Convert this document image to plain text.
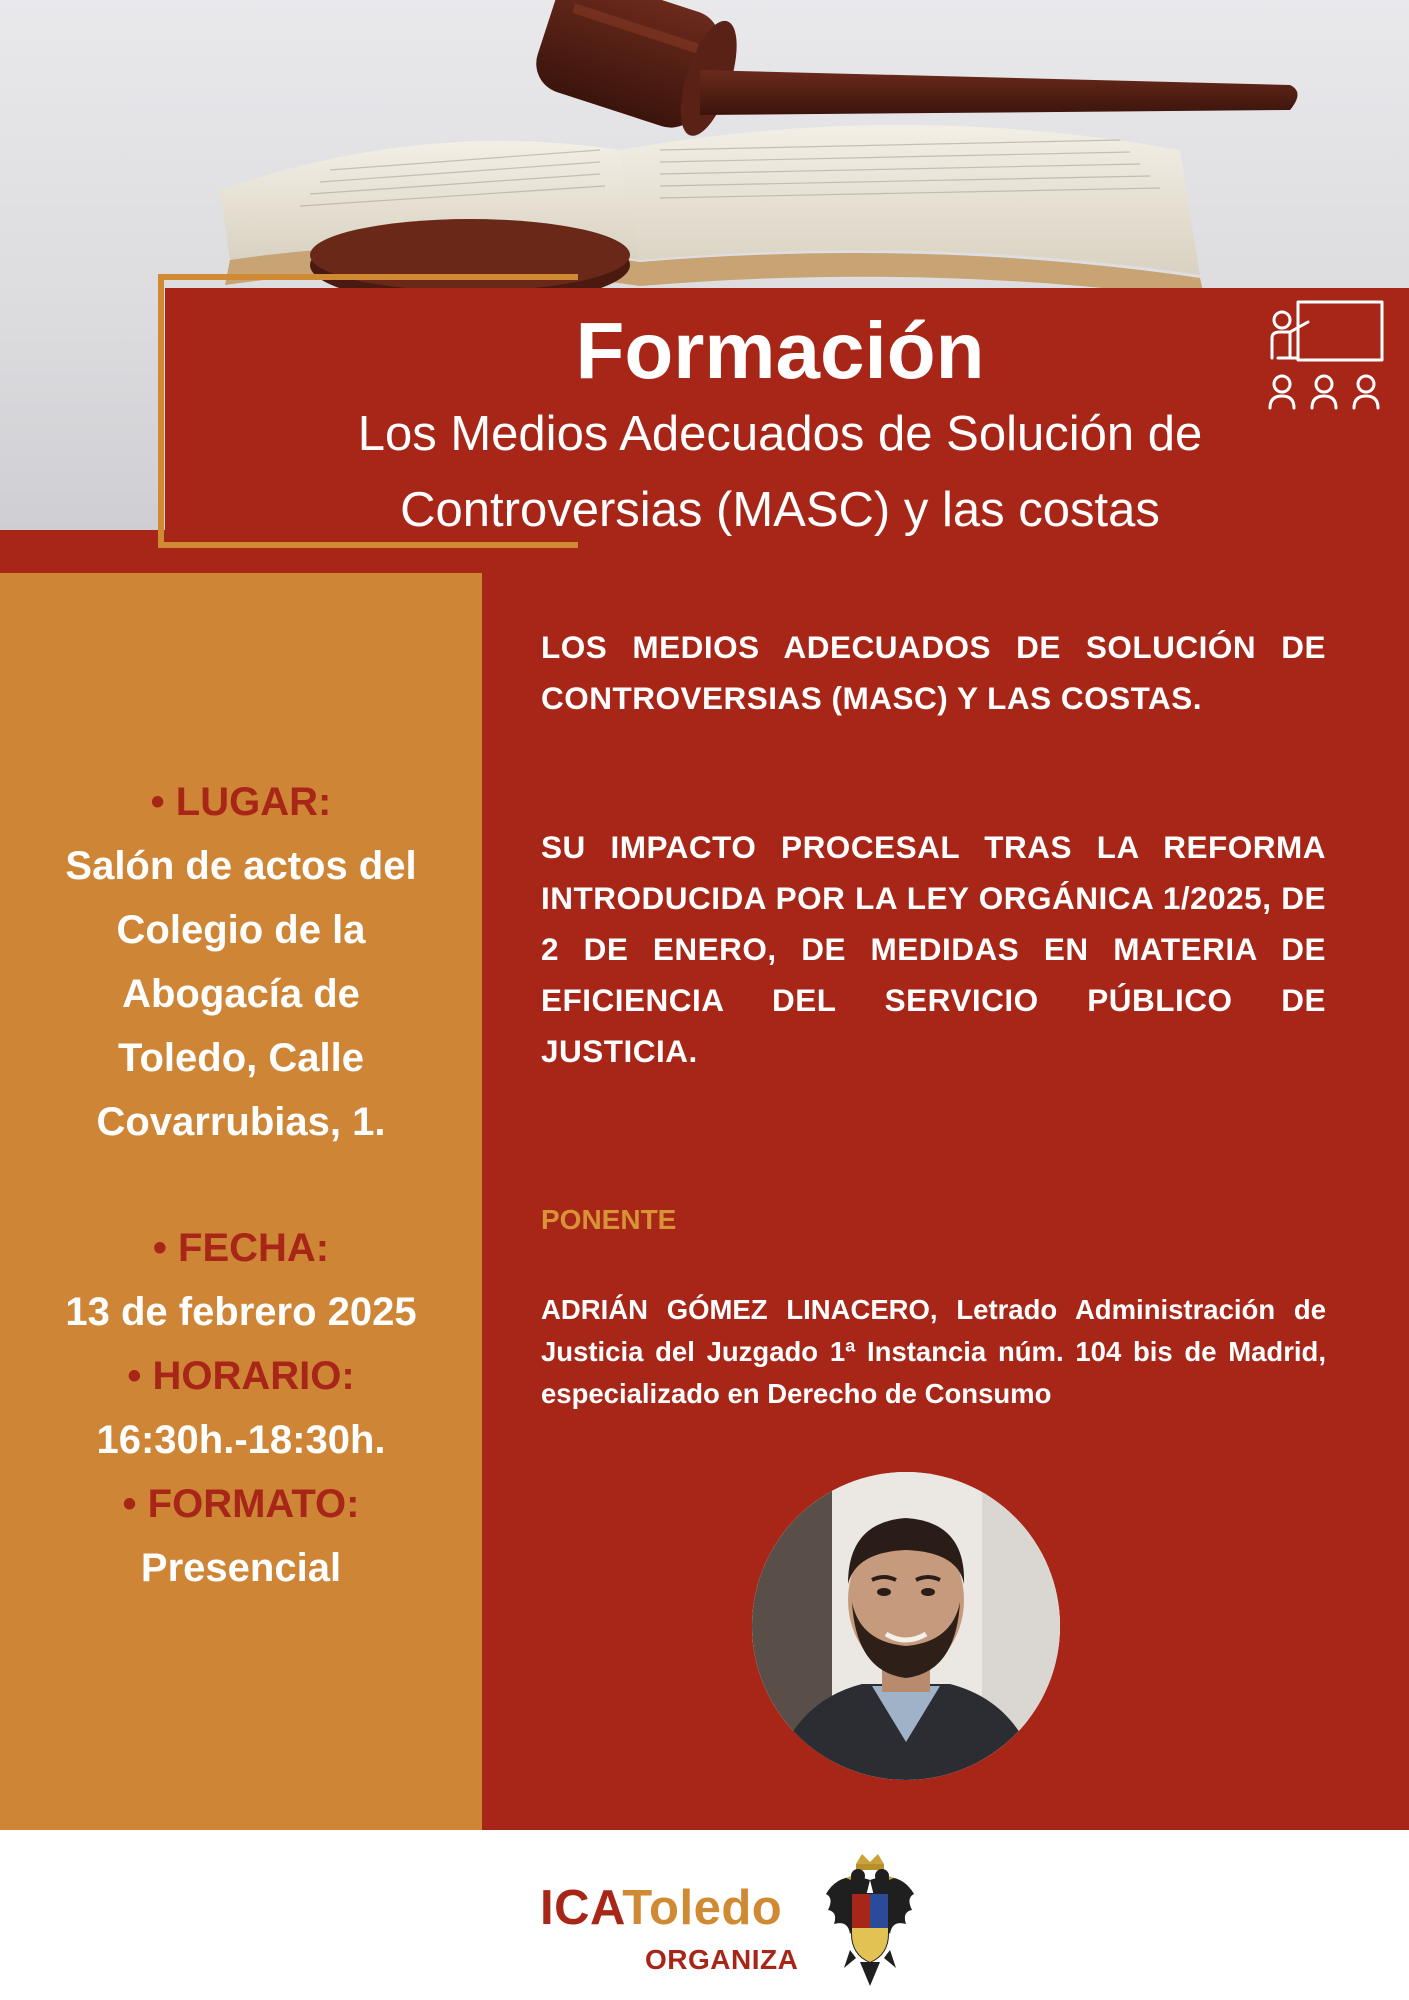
Formación
Los Medios Adecuados de Solución de
Controversias (MASC) y las costas
• LUGAR:
Salón de actos del
Colegio de la
Abogacía de
Toledo, Calle
Covarrubias, 1.
• FECHA:
13 de febrero 2025
• HORARIO:
16:30h.-18:30h.
• FORMATO:
Presencial
LOS MEDIOS ADECUADOS DE SOLUCIÓN DE CONTROVERSIAS (MASC) Y LAS COSTAS.
SU IMPACTO PROCESAL TRAS LA REFORMA INTRODUCIDA POR LA LEY ORGÁNICA 1/2025, DE 2 DE ENERO, DE MEDIDAS EN MATERIA DE EFICIENCIA DEL SERVICIO PÚBLICO DE JUSTICIA.
PONENTE
ADRIÁN GÓMEZ LINACERO, Letrado Administración de Justicia del Juzgado 1ª Instancia núm. 104 bis de Madrid, especializado en Derecho de Consumo
ICAToledo
ORGANIZA
